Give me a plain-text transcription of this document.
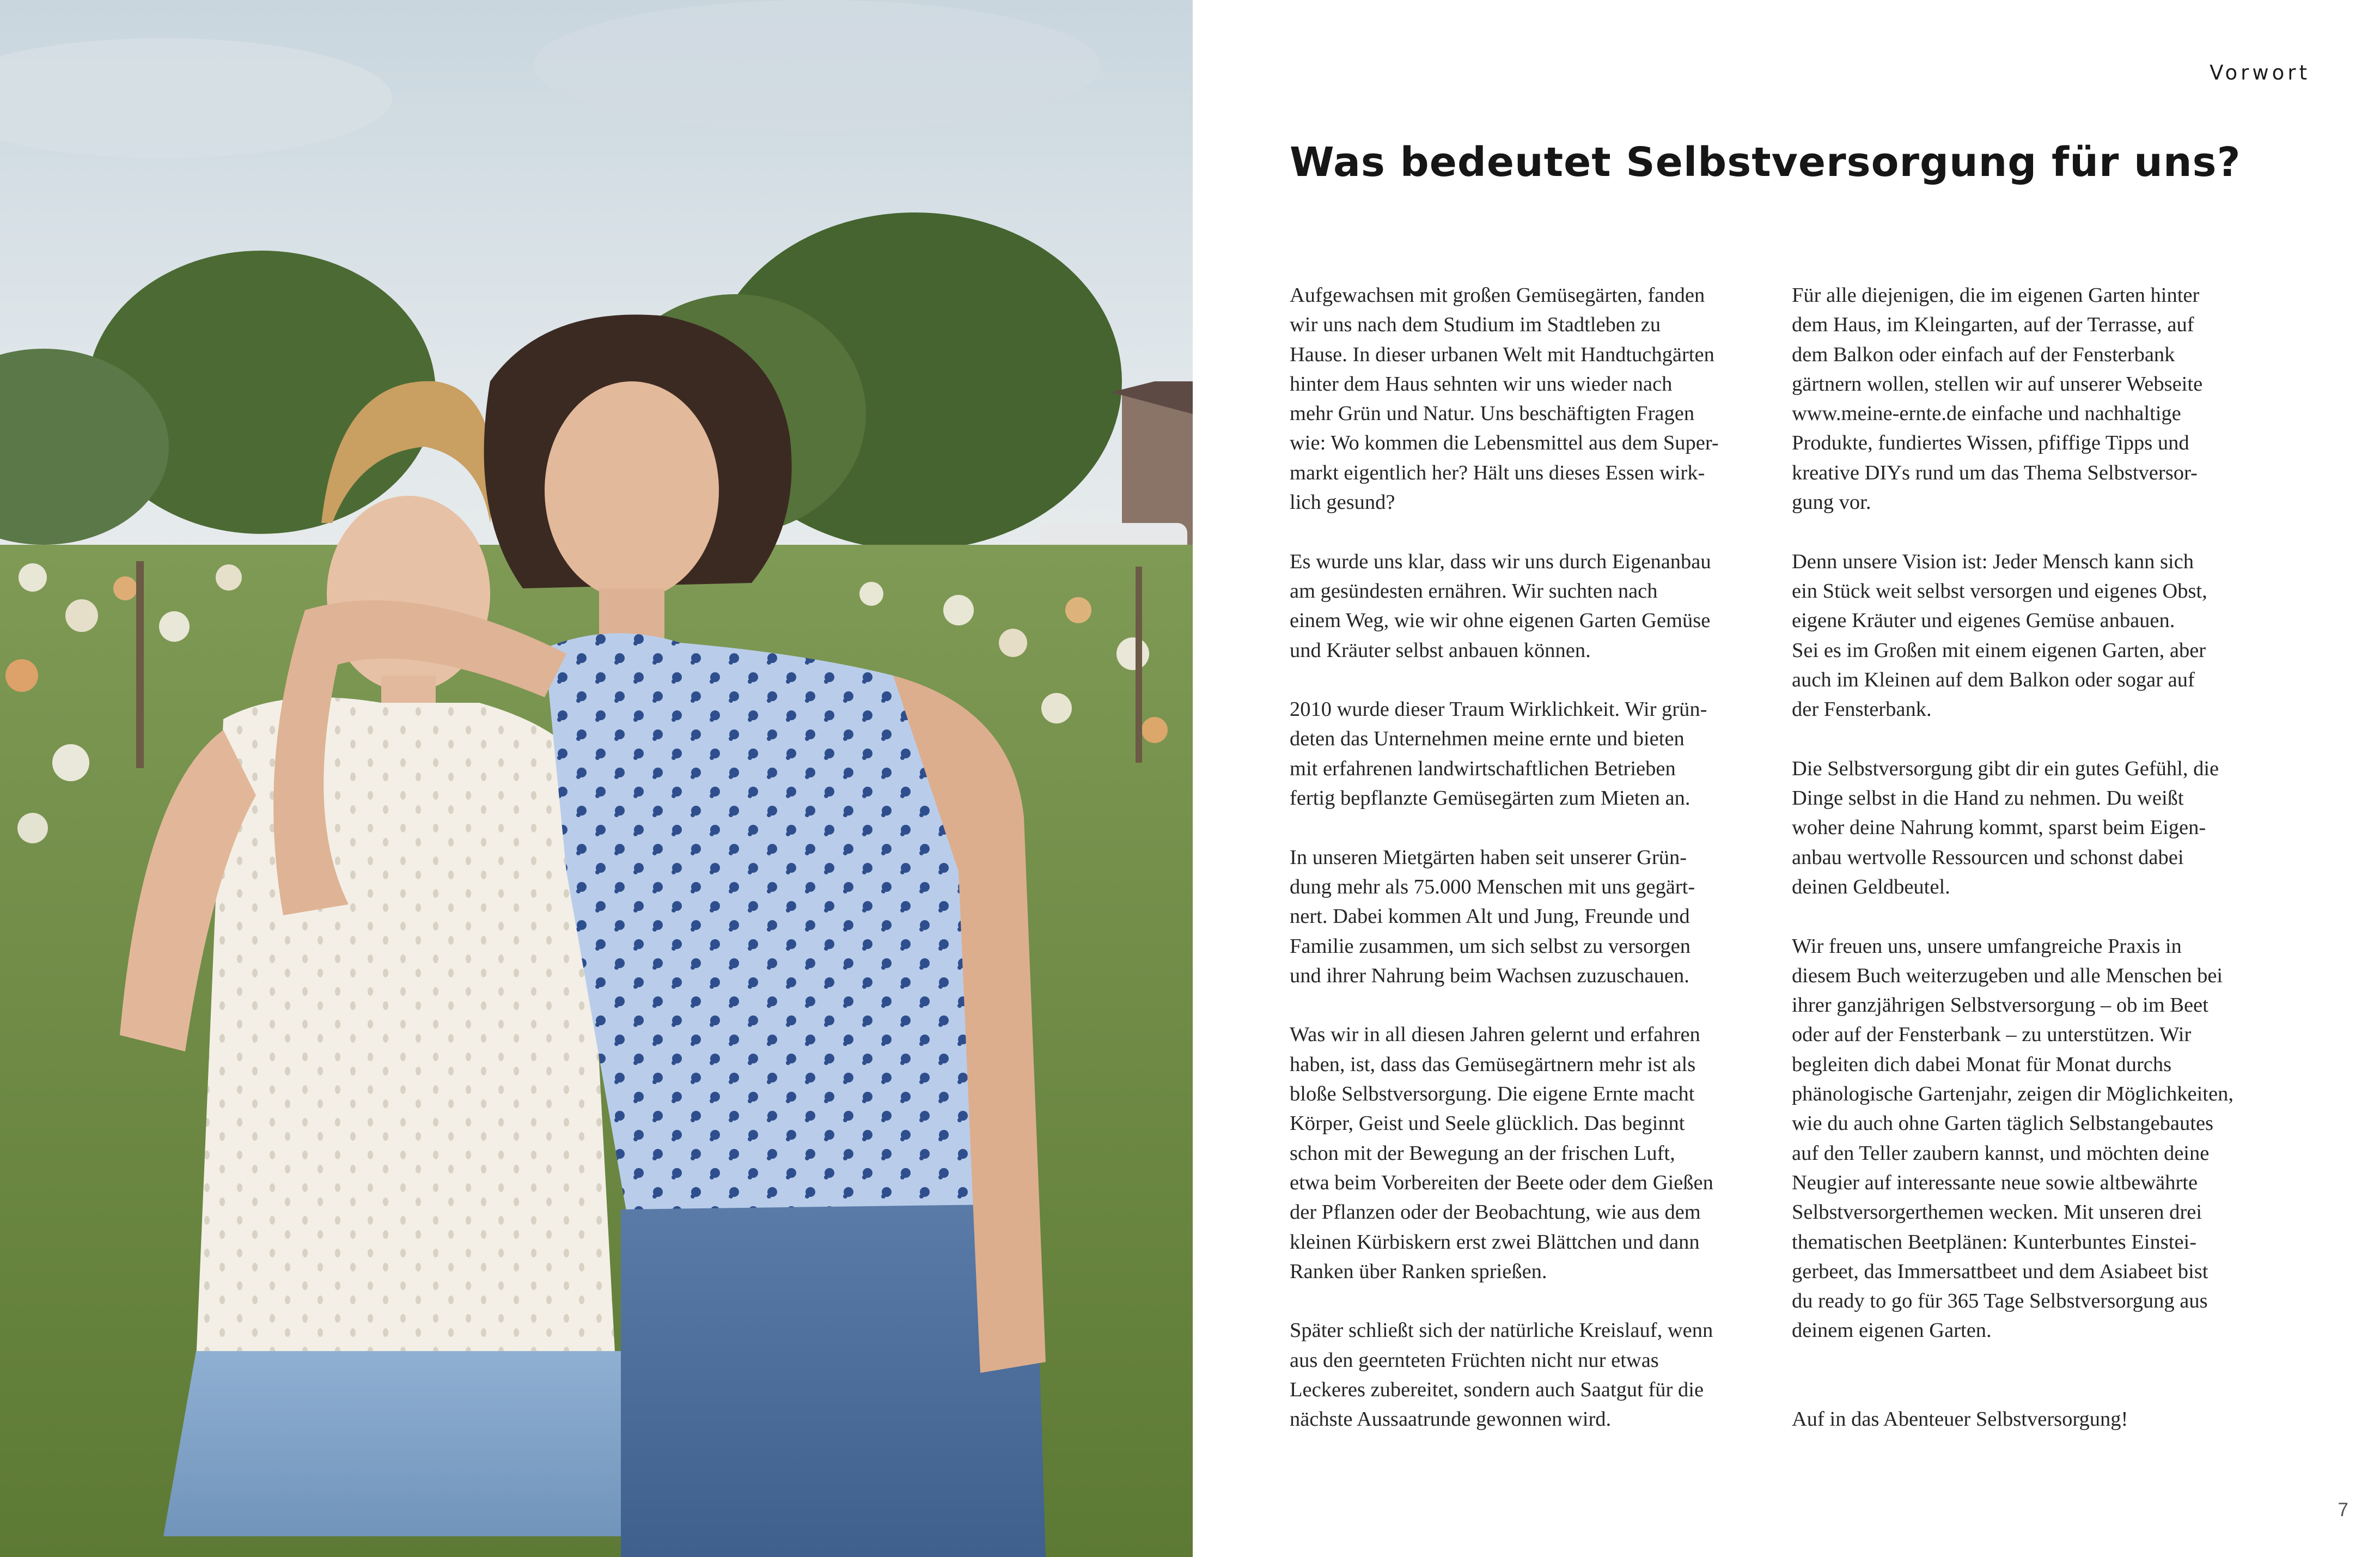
Vorwort
Was bedeutet Selbstversorgung für uns?
Aufgewachsen mit großen Gemüsegärten, fanden
wir uns nach dem Studium im Stadtleben zu
Hause. In dieser urbanen Welt mit Handtuchgärten
hinter dem Haus sehnten wir uns wieder nach
mehr Grün und Natur. Uns beschäftigten Fragen
wie: Wo kommen die Lebensmittel aus dem Super-
markt eigentlich her? Hält uns dieses Essen wirk-
lich gesund?
Es wurde uns klar, dass wir uns durch Eigenanbau
am gesündesten ernähren. Wir suchten nach
einem Weg, wie wir ohne eigenen Garten Gemüse
und Kräuter selbst anbauen können.
2010 wurde dieser Traum Wirklichkeit. Wir grün-
deten das Unternehmen meine ernte und bieten
mit erfahrenen landwirtschaftlichen Betrieben
fertig bepflanzte Gemüsegärten zum Mieten an.
In unseren Mietgärten haben seit unserer Grün-
dung mehr als 75.000 Menschen mit uns gegärt-
nert. Dabei kommen Alt und Jung, Freunde und
Familie zusammen, um sich selbst zu versorgen
und ihrer Nahrung beim Wachsen zuzuschauen.
Was wir in all diesen Jahren gelernt und erfahren
haben, ist, dass das Gemüsegärtnern mehr ist als
bloße Selbstversorgung. Die eigene Ernte macht
Körper, Geist und Seele glücklich. Das beginnt
schon mit der Bewegung an der frischen Luft,
etwa beim Vorbereiten der Beete oder dem Gießen
der Pflanzen oder der Beobachtung, wie aus dem
kleinen Kürbiskern erst zwei Blättchen und dann
Ranken über Ranken sprießen.
Später schließt sich der natürliche Kreislauf, wenn
aus den geernteten Früchten nicht nur etwas
Leckeres zubereitet, sondern auch Saatgut für die
nächste Aussaatrunde gewonnen wird.
Für alle diejenigen, die im eigenen Garten hinter
dem Haus, im Kleingarten, auf der Terrasse, auf
dem Balkon oder einfach auf der Fensterbank
gärtnern wollen, stellen wir auf unserer Webseite
www.meine-ernte.de einfache und nachhaltige
Produkte, fundiertes Wissen, pfiffige Tipps und
kreative DIYs rund um das Thema Selbstversor-
gung vor.
Denn unsere Vision ist: Jeder Mensch kann sich
ein Stück weit selbst versorgen und eigenes Obst,
eigene Kräuter und eigenes Gemüse anbauen.
Sei es im Großen mit einem eigenen Garten, aber
auch im Kleinen auf dem Balkon oder sogar auf
der Fensterbank.
Die Selbstversorgung gibt dir ein gutes Gefühl, die
Dinge selbst in die Hand zu nehmen. Du weißt
woher deine Nahrung kommt, sparst beim Eigen-
anbau wertvolle Ressourcen und schonst dabei
deinen Geldbeutel.
Wir freuen uns, unsere umfangreiche Praxis in
diesem Buch weiterzugeben und alle Menschen bei
ihrer ganzjährigen Selbstversorgung – ob im Beet
oder auf der Fensterbank – zu unterstützen. Wir
begleiten dich dabei Monat für Monat durchs
phänologische Gartenjahr, zeigen dir Möglichkeiten,
wie du auch ohne Garten täglich Selbstangebautes
auf den Teller zaubern kannst, und möchten deine
Neugier auf interessante neue sowie altbewährte
Selbstversorgerthemen wecken. Mit unseren drei
thematischen Beetplänen: Kunterbuntes Einstei-
gerbeet, das Immersattbeet und dem Asiabeet bist
du ready to go für 365 Tage Selbstversorgung aus
deinem eigenen Garten.
Auf in das Abenteuer Selbstversorgung!
7
